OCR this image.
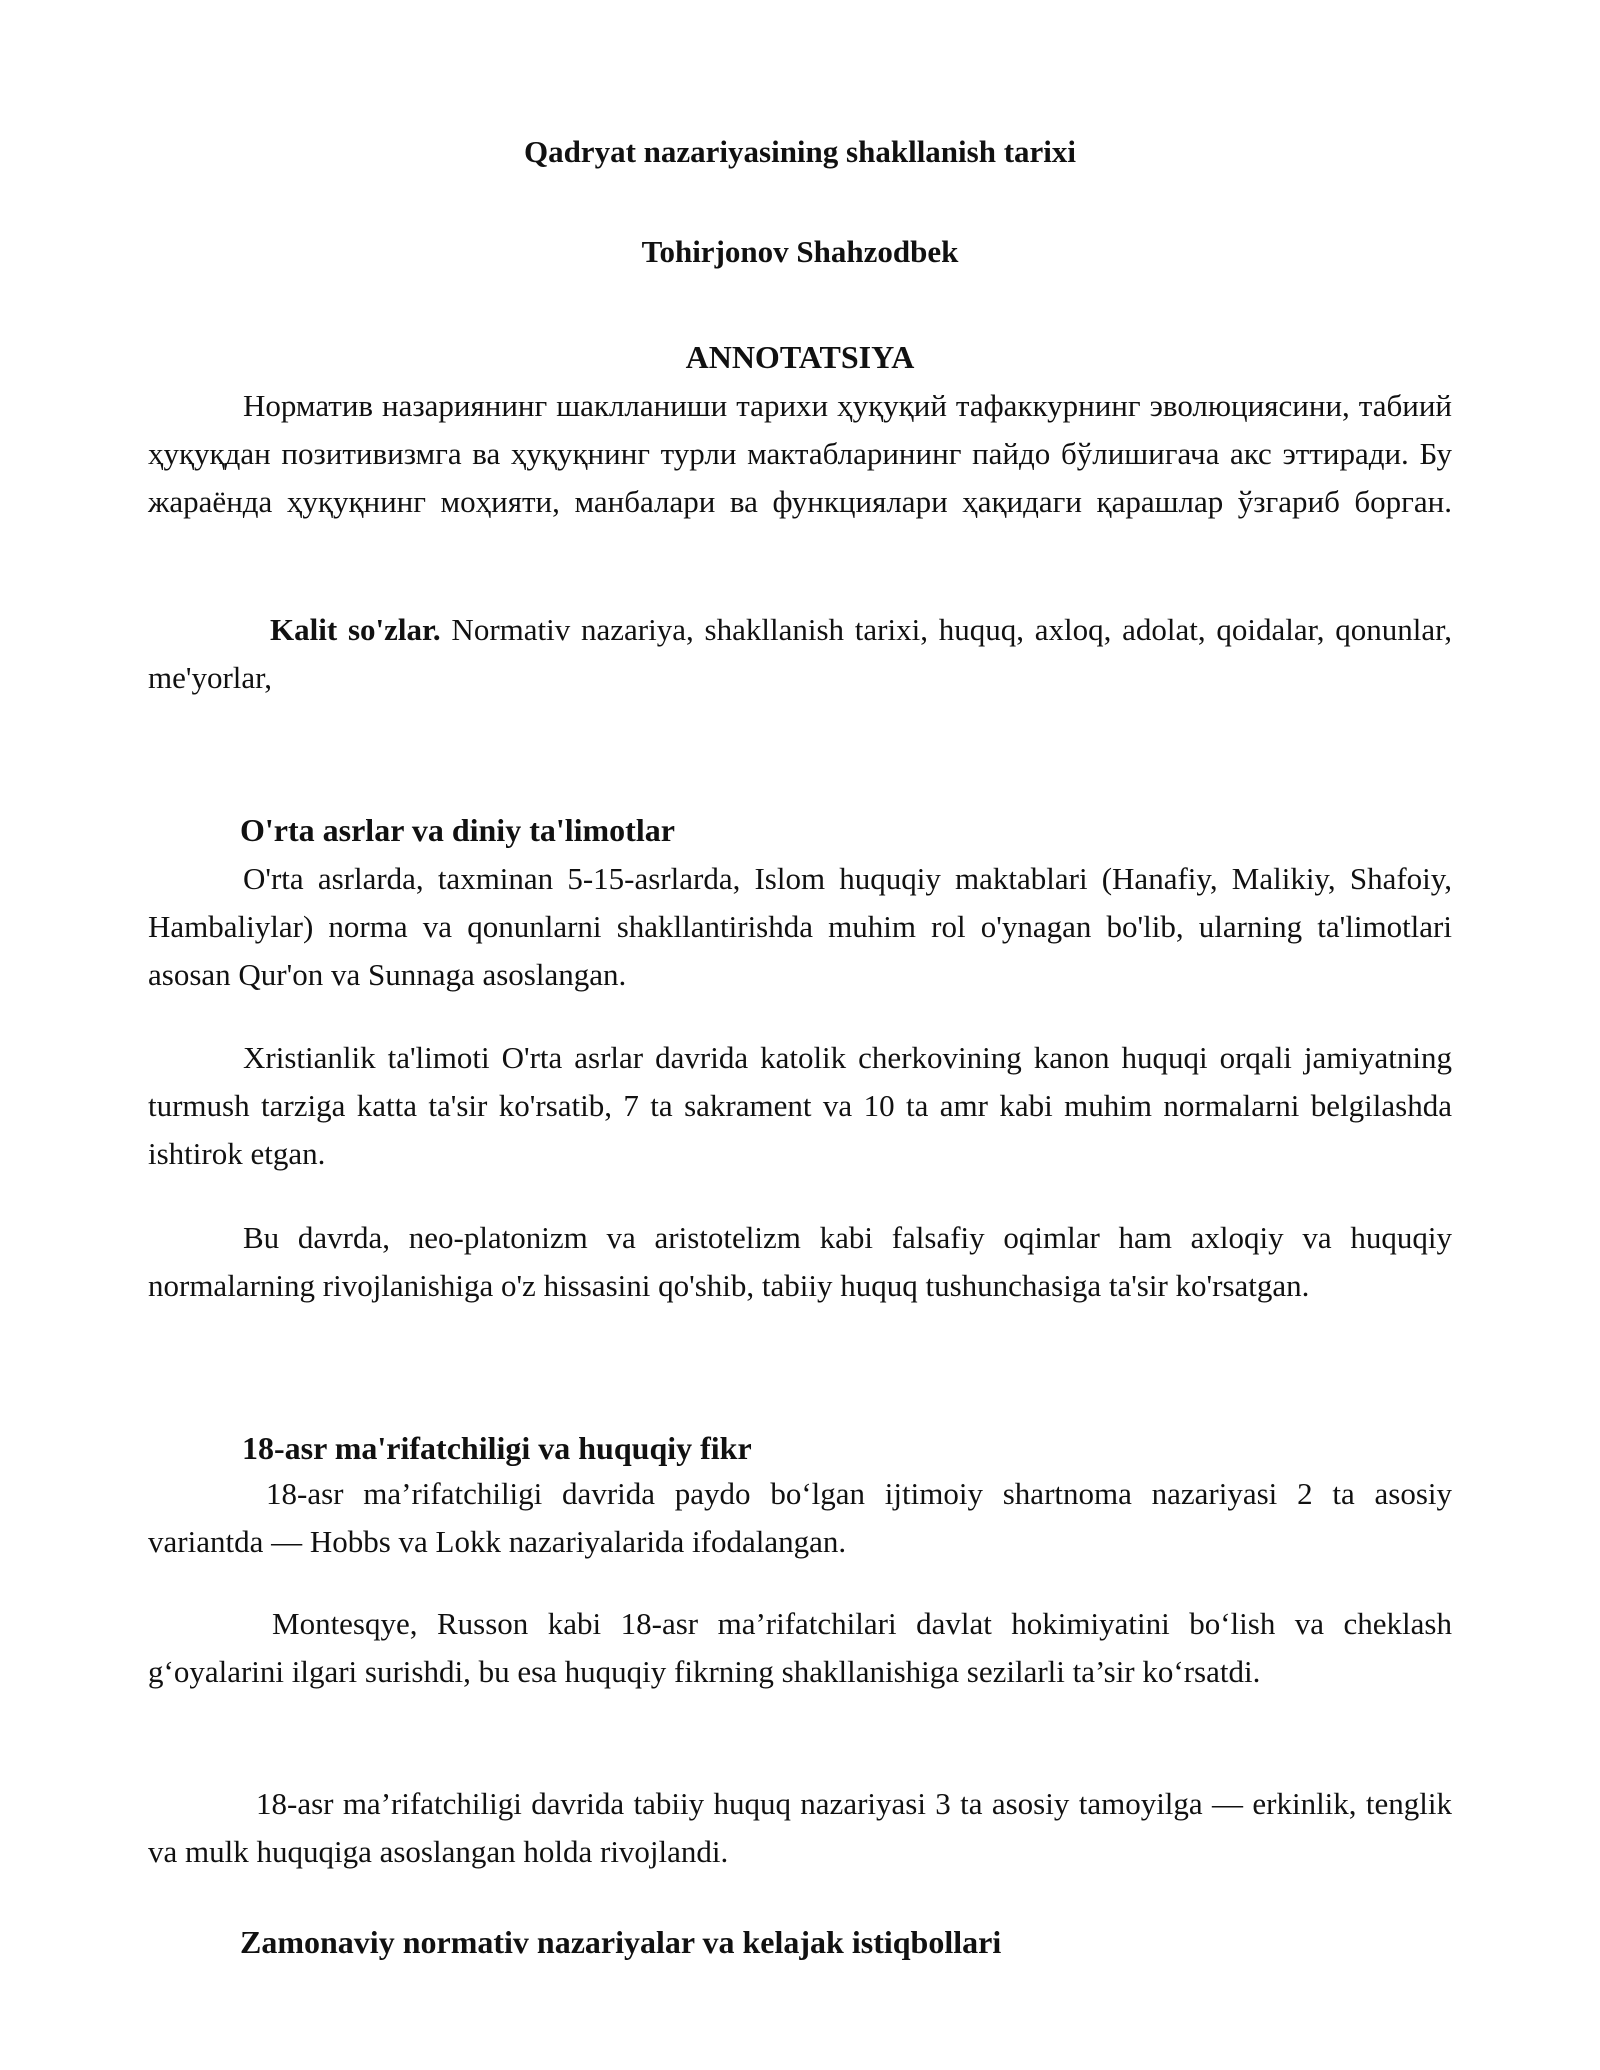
Qadryat nazariyasining shakllanish tarixi

Tohirjonov Shahzodbek

ANNOTATSIYA

Норматив назариянинг шаклланиши тарихи ҳуқуқий тафаккурнинг эволюциясини, табиий ҳуқуқдан позитивизмга ва ҳуқуқнинг турли мактабларининг пайдо бўлишигача акс эттиради. Бу жараёнда ҳуқуқнинг моҳияти, манбалари ва функциялари ҳақидаги қарашлар ўзгариб борган.

Kalit so'zlar. Normativ nazariya, shakllanish tarixi, huquq, axloq, adolat, qoidalar, qonunlar, me'yorlar,

O'rta asrlar va diniy ta'limotlar

O'rta asrlarda, taxminan 5-15-asrlarda, Islom huquqiy maktablari (Hanafiy, Malikiy, Shafoiy, Hambaliylar) norma va qonunlarni shakllantirishda muhim rol o'ynagan bo'lib, ularning ta'limotlari asosan Qur'on va Sunnaga asoslangan.

Xristianlik ta'limoti O'rta asrlar davrida katolik cherkovining kanon huquqi orqali jamiyatning turmush tarziga katta ta'sir ko'rsatib, 7 ta sakrament va 10 ta amr kabi muhim normalarni belgilashda ishtirok etgan.

Bu davrda, neo-platonizm va aristotelizm kabi falsafiy oqimlar ham axloqiy va huquqiy normalarning rivojlanishiga o'z hissasini qo'shib, tabiiy huquq tushunchasiga ta'sir ko'rsatgan.

18-asr ma'rifatchiligi va huquqiy fikr

18-asr ma’rifatchiligi davrida paydo bo‘lgan ijtimoiy shartnoma nazariyasi 2 ta asosiy variantda — Hobbs va Lokk nazariyalarida ifodalangan.

Montesqye, Russon kabi 18-asr ma’rifatchilari davlat hokimiyatini bo‘lish va cheklash g‘oyalarini ilgari surishdi, bu esa huquqiy fikrning shakllanishiga sezilarli ta’sir ko‘rsatdi.

18-asr ma’rifatchiligi davrida tabiiy huquq nazariyasi 3 ta asosiy tamoyilga — erkinlik, tenglik va mulk huquqiga asoslangan holda rivojlandi.

Zamonaviy normativ nazariyalar va kelajak istiqbollari
